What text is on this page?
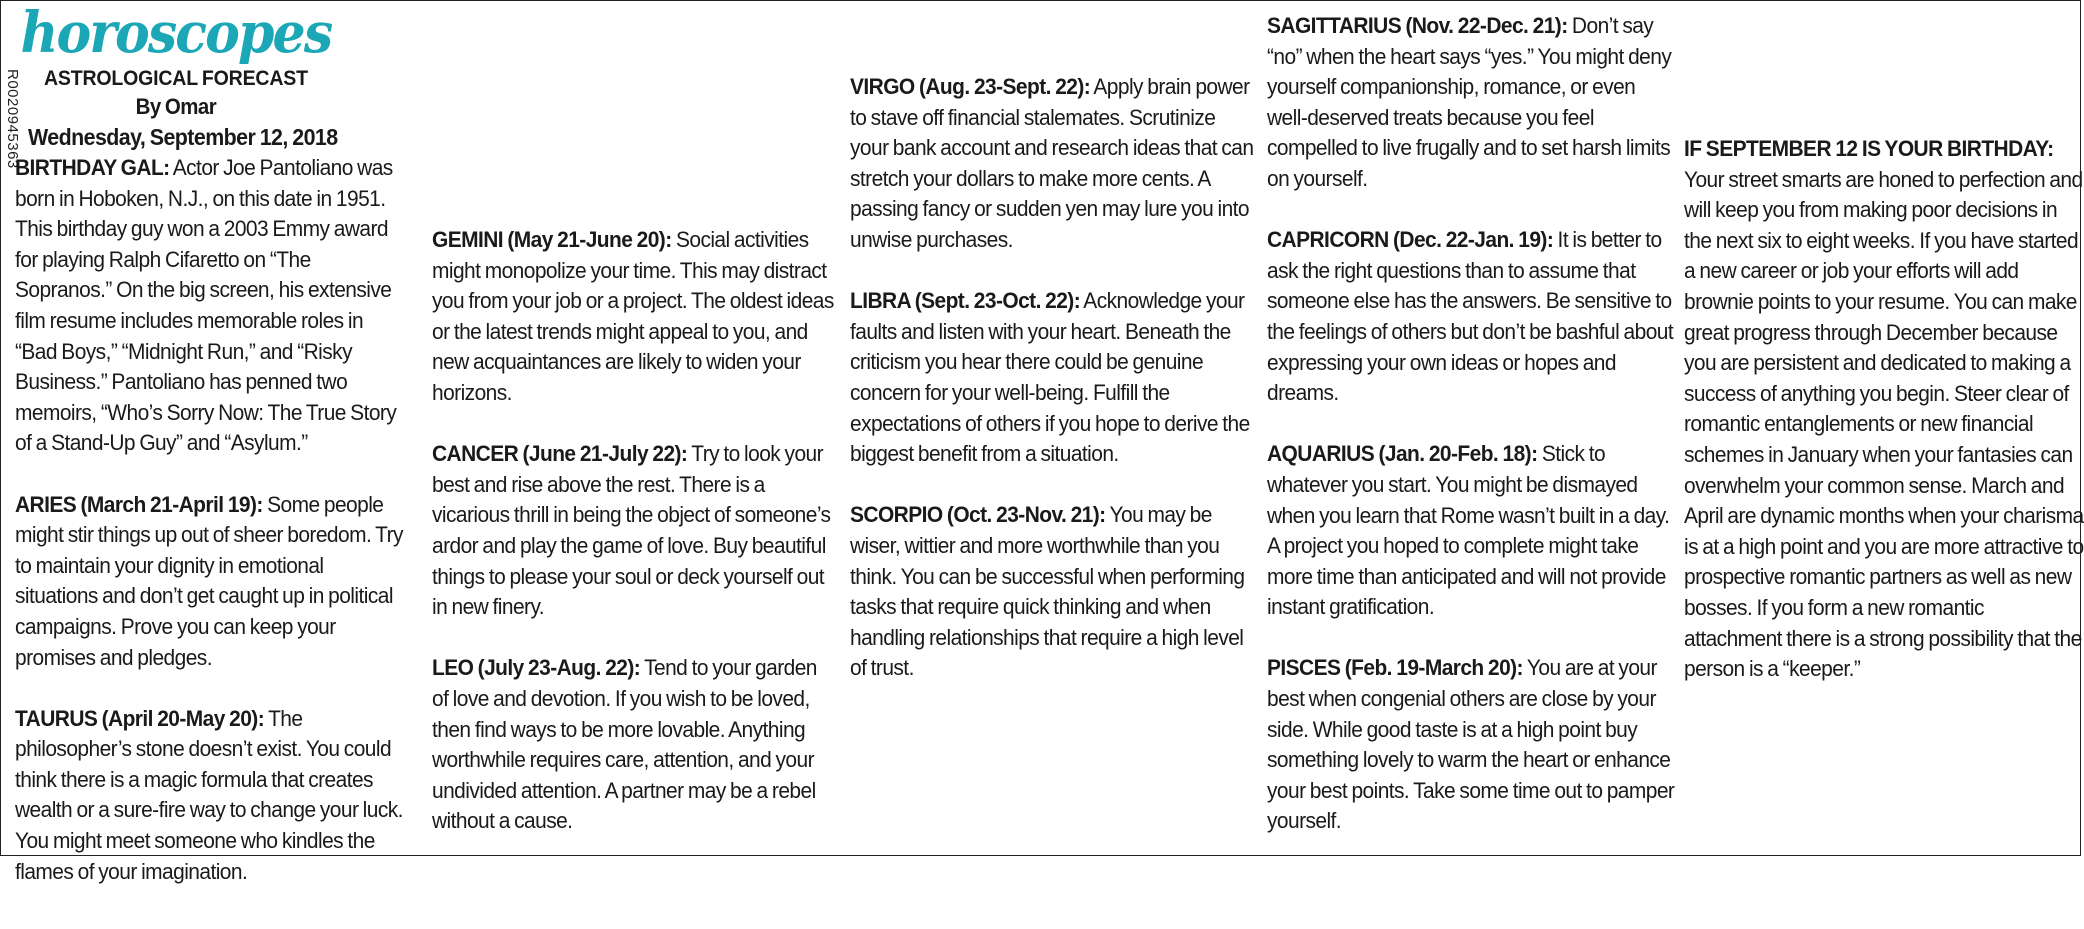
R0020945363
horoscopes
ASTROLOGICAL FORECAST
By Omar
Wednesday, September 12, 2018

BIRTHDAY GAL: Actor Joe Pantoliano was born in Hoboken, N.J., on this date in 1951. This birthday guy won a 2003 Emmy award for playing Ralph Cifaretto on “The Sopranos.” On the big screen, his extensive film resume includes memorable roles in “Bad Boys,” “Midnight Run,” and “Risky Business.” Pantoliano has penned two memoirs, “Who’s Sorry Now: The True Story of a Stand-Up Guy” and “Asylum.”

ARIES (March 21-April 19): Some people might stir things up out of sheer boredom. Try to maintain your dignity in emotional situations and don’t get caught up in political campaigns. Prove you can keep your promises and pledges.

TAURUS (April 20-May 20): The philosopher’s stone doesn’t exist. You could think there is a magic formula that creates wealth or a sure-fire way to change your luck. You might meet someone who kindles the flames of your imagination.

GEMINI (May 21-June 20): Social activities might monopolize your time. This may distract you from your job or a project. The oldest ideas or the latest trends might appeal to you, and new acquaintances are likely to widen your horizons.

CANCER (June 21-July 22): Try to look your best and rise above the rest. There is a vicarious thrill in being the object of someone’s ardor and play the game of love. Buy beautiful things to please your soul or deck yourself out in new finery.

LEO (July 23-Aug. 22): Tend to your garden of love and devotion. If you wish to be loved, then find ways to be more lovable. Anything worthwhile requires care, attention, and your undivided attention. A partner may be a rebel without a cause.

VIRGO (Aug. 23-Sept. 22): Apply brain power to stave off financial stalemates. Scrutinize your bank account and research ideas that can stretch your dollars to make more cents. A passing fancy or sudden yen may lure you into unwise purchases.

LIBRA (Sept. 23-Oct. 22): Acknowledge your faults and listen with your heart. Beneath the criticism you hear there could be genuine concern for your well-being. Fulfill the expectations of others if you hope to derive the biggest benefit from a situation.

SCORPIO (Oct. 23-Nov. 21): You may be wiser, wittier and more worthwhile than you think. You can be successful when performing tasks that require quick thinking and when handling relationships that require a high level of trust.

SAGITTARIUS (Nov. 22-Dec. 21): Don’t say “no” when the heart says “yes.” You might deny yourself companionship, romance, or even well-deserved treats because you feel compelled to live frugally and to set harsh limits on yourself.

CAPRICORN (Dec. 22-Jan. 19): It is better to ask the right questions than to assume that someone else has the answers. Be sensitive to the feelings of others but don’t be bashful about expressing your own ideas or hopes and dreams.

AQUARIUS (Jan. 20-Feb. 18): Stick to whatever you start. You might be dismayed when you learn that Rome wasn’t built in a day. A project you hoped to complete might take more time than anticipated and will not provide instant gratification.

PISCES (Feb. 19-March 20): You are at your best when congenial others are close by your side. While good taste is at a high point buy something lovely to warm the heart or enhance your best points. Take some time out to pamper yourself.

IF SEPTEMBER 12 IS YOUR BIRTHDAY: Your street smarts are honed to perfection and will keep you from making poor decisions in the next six to eight weeks. If you have started a new career or job your efforts will add brownie points to your resume. You can make great progress through December because you are persistent and dedicated to making a success of anything you begin. Steer clear of romantic entanglements or new financial schemes in January when your fantasies can overwhelm your common sense. March and April are dynamic months when your charisma is at a high point and you are more attractive to prospective romantic partners as well as new bosses. If you form a new romantic attachment there is a strong possibility that the person is a “keeper.”
